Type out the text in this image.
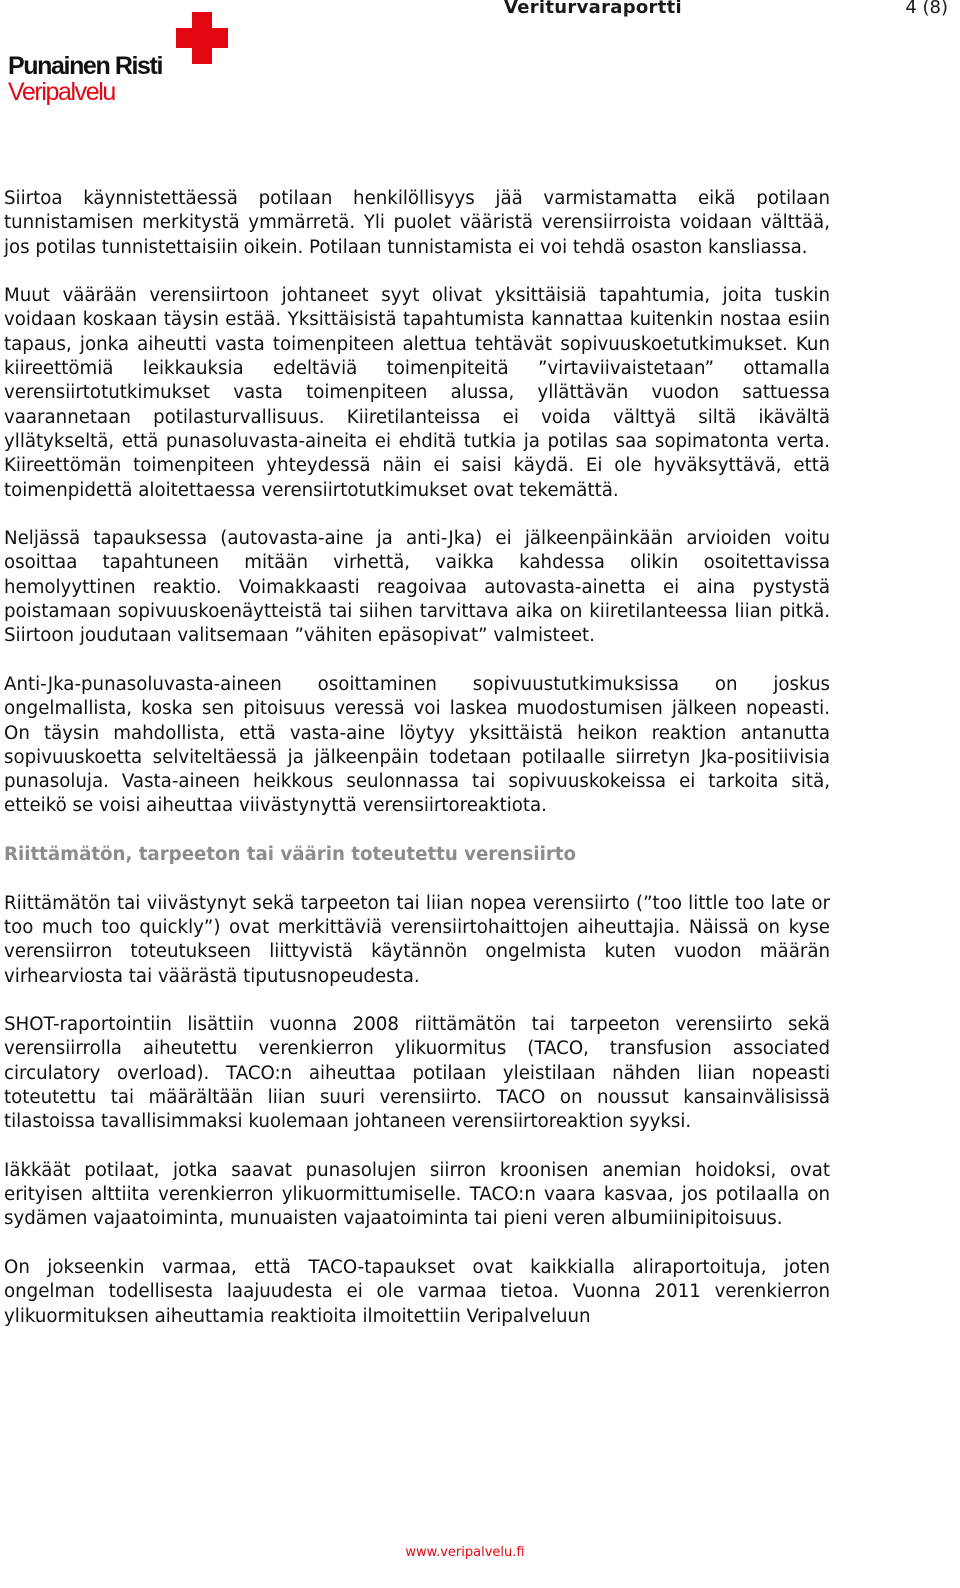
Veriturvaraportti	4 (8)
Punainen Risti
Veripalvelu

Siirtoa käynnistettäessä potilaan henkilöllisyys jää varmistamatta eikä potilaan tunnistamisen merkitystä ymmärretä. Yli puolet vääristä verensiirroista voidaan välttää, jos potilas tunnistettaisiin oikein. Potilaan tunnistamista ei voi tehdä osaston kansliassa.

Muut väärään verensiirtoon johtaneet syyt olivat yksittäisiä tapahtumia, joita tuskin voidaan koskaan täysin estää. Yksittäisistä tapahtumista kannattaa kuitenkin nostaa esiin tapaus, jonka aiheutti vasta toimenpiteen alettua tehtävät sopivuuskoetutkimukset. Kun kiireettömiä leikkauksia edeltäviä toimenpiteitä ”virtaviivaistetaan” ottamalla verensiirtotutkimukset vasta toimenpiteen alussa, yllättävän vuodon sattuessa vaarannetaan potilasturvallisuus. Kiiretilanteissa ei voida välttyä siltä ikävältä yllätykseltä, että punasoluvasta-aineita ei ehditä tutkia ja potilas saa sopimatonta verta. Kiireettömän toimenpiteen yhteydessä näin ei saisi käydä. Ei ole hyväksyttävä, että toimenpidettä aloitettaessa verensiirtotutkimukset ovat tekemättä.

Neljässä tapauksessa (autovasta-aine ja anti-Jka) ei jälkeenpäinkään arvioiden voitu osoittaa tapahtuneen mitään virhettä, vaikka kahdessa olikin osoitettavissa hemolyyttinen reaktio. Voimakkaasti reagoivaa autovasta-ainetta ei aina pystystä poistamaan sopivuuskoenäytteistä tai siihen tarvittava aika on kiiretilanteessa liian pitkä. Siirtoon joudutaan valitsemaan ”vähiten epäsopivat” valmisteet.

Anti-Jka-punasoluvasta-aineen osoittaminen sopivuustutkimuksissa on joskus ongelmallista, koska sen pitoisuus veressä voi laskea muodostumisen jälkeen nopeasti. On täysin mahdollista, että vasta-aine löytyy yksittäistä heikon reaktion antanutta sopivuuskoetta selviteltäessä ja jälkeenpäin todetaan potilaalle siirretyn Jka-positiivisia punasoluja. Vasta-aineen heikkous seulonnassa tai sopivuuskokeissa ei tarkoita sitä, etteikö se voisi aiheuttaa viivästynyttä verensiirtoreaktiota.

Riittämätön, tarpeeton tai väärin toteutettu verensiirto

Riittämätön tai viivästynyt sekä tarpeeton tai liian nopea verensiirto (”too little too late or too much too quickly”) ovat merkittäviä verensiirtohaittojen aiheuttajia. Näissä on kyse verensiirron toteutukseen liittyvistä käytännön ongelmista kuten vuodon määrän virhearviosta tai väärästä tiputusnopeudesta.

SHOT-raportointiin lisättiin vuonna 2008 riittämätön tai tarpeeton verensiirto sekä verensiirrolla aiheutettu verenkierron ylikuormitus (TACO, transfusion associated circulatory overload). TACO:n aiheuttaa potilaan yleistilaan nähden liian nopeasti toteutettu tai määrältään liian suuri verensiirto. TACO on noussut kansainvälisissä tilastoissa tavallisimmaksi kuolemaan johtaneen verensiirtoreaktion syyksi.

Iäkkäät potilaat, jotka saavat punasolujen siirron kroonisen anemian hoidoksi, ovat erityisen alttiita verenkierron ylikuormittumiselle. TACO:n vaara kasvaa, jos potilaalla on sydämen vajaatoiminta, munuaisten vajaatoiminta tai pieni veren albumiinipitoisuus.

On jokseenkin varmaa, että TACO-tapaukset ovat kaikkialla aliraportoituja, joten ongelman todellisesta laajuudesta ei ole varmaa tietoa. Vuonna 2011 verenkierron ylikuormituksen aiheuttamia reaktioita ilmoitettiin Veripalveluun

www.veripalvelu.fi
